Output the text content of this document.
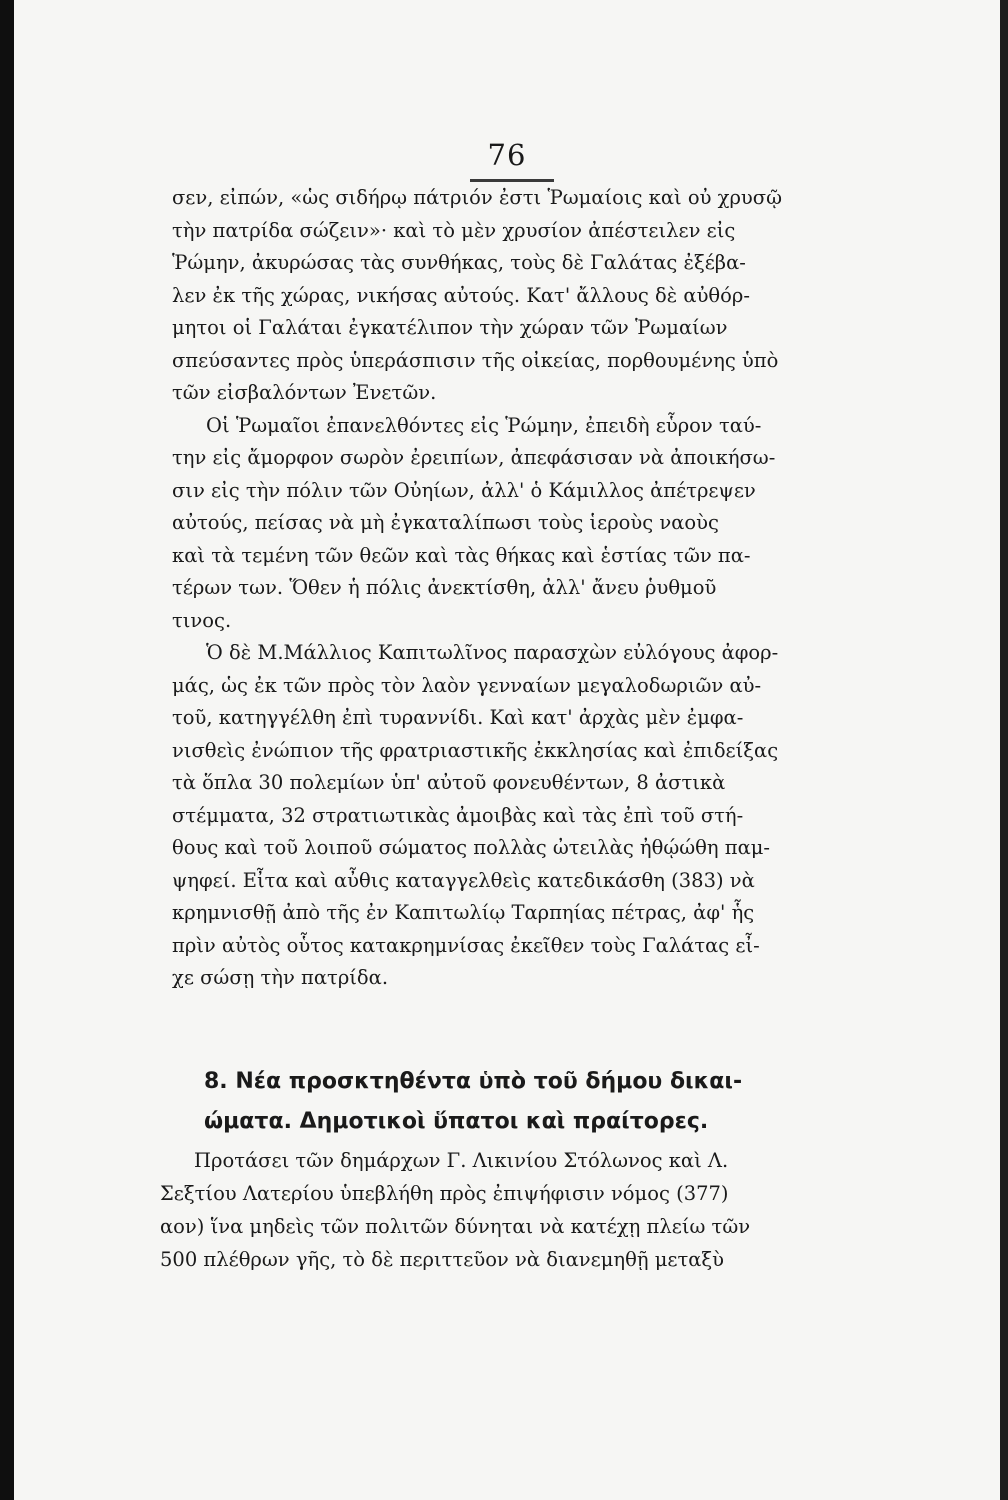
76
σεν, εἰπών, «ὡς σιδήρῳ πάτριόν ἐστι Ῥωμαίοις καὶ οὐ χρυσῷ
τὴν πατρίδα σώζειν»· καὶ τὸ μὲν χρυσίον ἀπέστειλεν εἰς
Ῥώμην, ἀκυρώσας τὰς συνθήκας, τοὺς δὲ Γαλάτας ἐξέβα-
λεν ἐκ τῆς χώρας, νικήσας αὐτούς. Κατ' ἄλλους δὲ αὐθόρ-
μητοι οἱ Γαλάται ἐγκατέλιπον τὴν χώραν τῶν Ῥωμαίων
σπεύσαντες πρὸς ὑπεράσπισιν τῆς οἰκείας, πορθουμένης ὑπὸ
τῶν εἰσβαλόντων Ἐνετῶν.
Οἱ Ῥωμαῖοι ἐπανελθόντες εἰς Ῥώμην, ἐπειδὴ εὗρον ταύ-
την εἰς ἄμορφον σωρὸν ἐρειπίων, ἀπεφάσισαν νὰ ἀποικήσω-
σιν εἰς τὴν πόλιν τῶν Οὐηίων, ἀλλ' ὁ Κάμιλλος ἀπέτρεψεν
αὐτούς, πείσας νὰ μὴ ἐγκαταλίπωσι τοὺς ἱεροὺς ναοὺς
καὶ τὰ τεμένη τῶν θεῶν καὶ τὰς θήκας καὶ ἑστίας τῶν πα-
τέρων των. Ὅθεν ἡ πόλις ἀνεκτίσθη, ἀλλ' ἄνευ ῥυθμοῦ
τινος.
Ὁ δὲ Μ.Μάλλιος Καπιτωλῖνος παρασχὼν εὐλόγους ἀφορ-
μάς, ὡς ἐκ τῶν πρὸς τὸν λαὸν γενναίων μεγαλοδωριῶν αὐ-
τοῦ, κατηγγέλθη ἐπὶ τυραννίδι. Καὶ κατ' ἀρχὰς μὲν ἐμφα-
νισθεὶς ἐνώπιον τῆς φρατριαστικῆς ἐκκλησίας καὶ ἐπιδείξας
τὰ ὅπλα 30 πολεμίων ὑπ' αὐτοῦ φονευθέντων, 8 ἀστικὰ
στέμματα, 32 στρατιωτικὰς ἀμοιβὰς καὶ τὰς ἐπὶ τοῦ στή-
θους καὶ τοῦ λοιποῦ σώματος πολλὰς ὠτειλὰς ἠθῴώθη παμ-
ψηφεί. Εἶτα καὶ αὖθις καταγγελθεὶς κατεδικάσθη (383) νὰ
κρημνισθῇ ἀπὸ τῆς ἐν Καπιτωλίῳ Ταρπηίας πέτρας, ἀφ' ἧς
πρὶν αὐτὸς οὗτος κατακρημνίσας ἐκεῖθεν τοὺς Γαλάτας εἶ-
χε σώσῃ τὴν πατρίδα.
8. Νέα προσκτηθέντα ὑπὸ τοῦ δήμου δικαι-
ώματα. Δημοτικοὶ ὕπατοι καὶ πραίτορες.
Προτάσει τῶν δημάρχων Γ. Λικινίου Στόλωνος καὶ Λ.
Σεξτίου Λατερίου ὑπεβλήθη πρὸς ἐπιψήφισιν νόμος (377)
αον) ἵνα μηδεὶς τῶν πολιτῶν δύνηται νὰ κατέχῃ πλείω τῶν
500 πλέθρων γῆς, τὸ δὲ περιττεῦον νὰ διανεμηθῇ μεταξὺ
